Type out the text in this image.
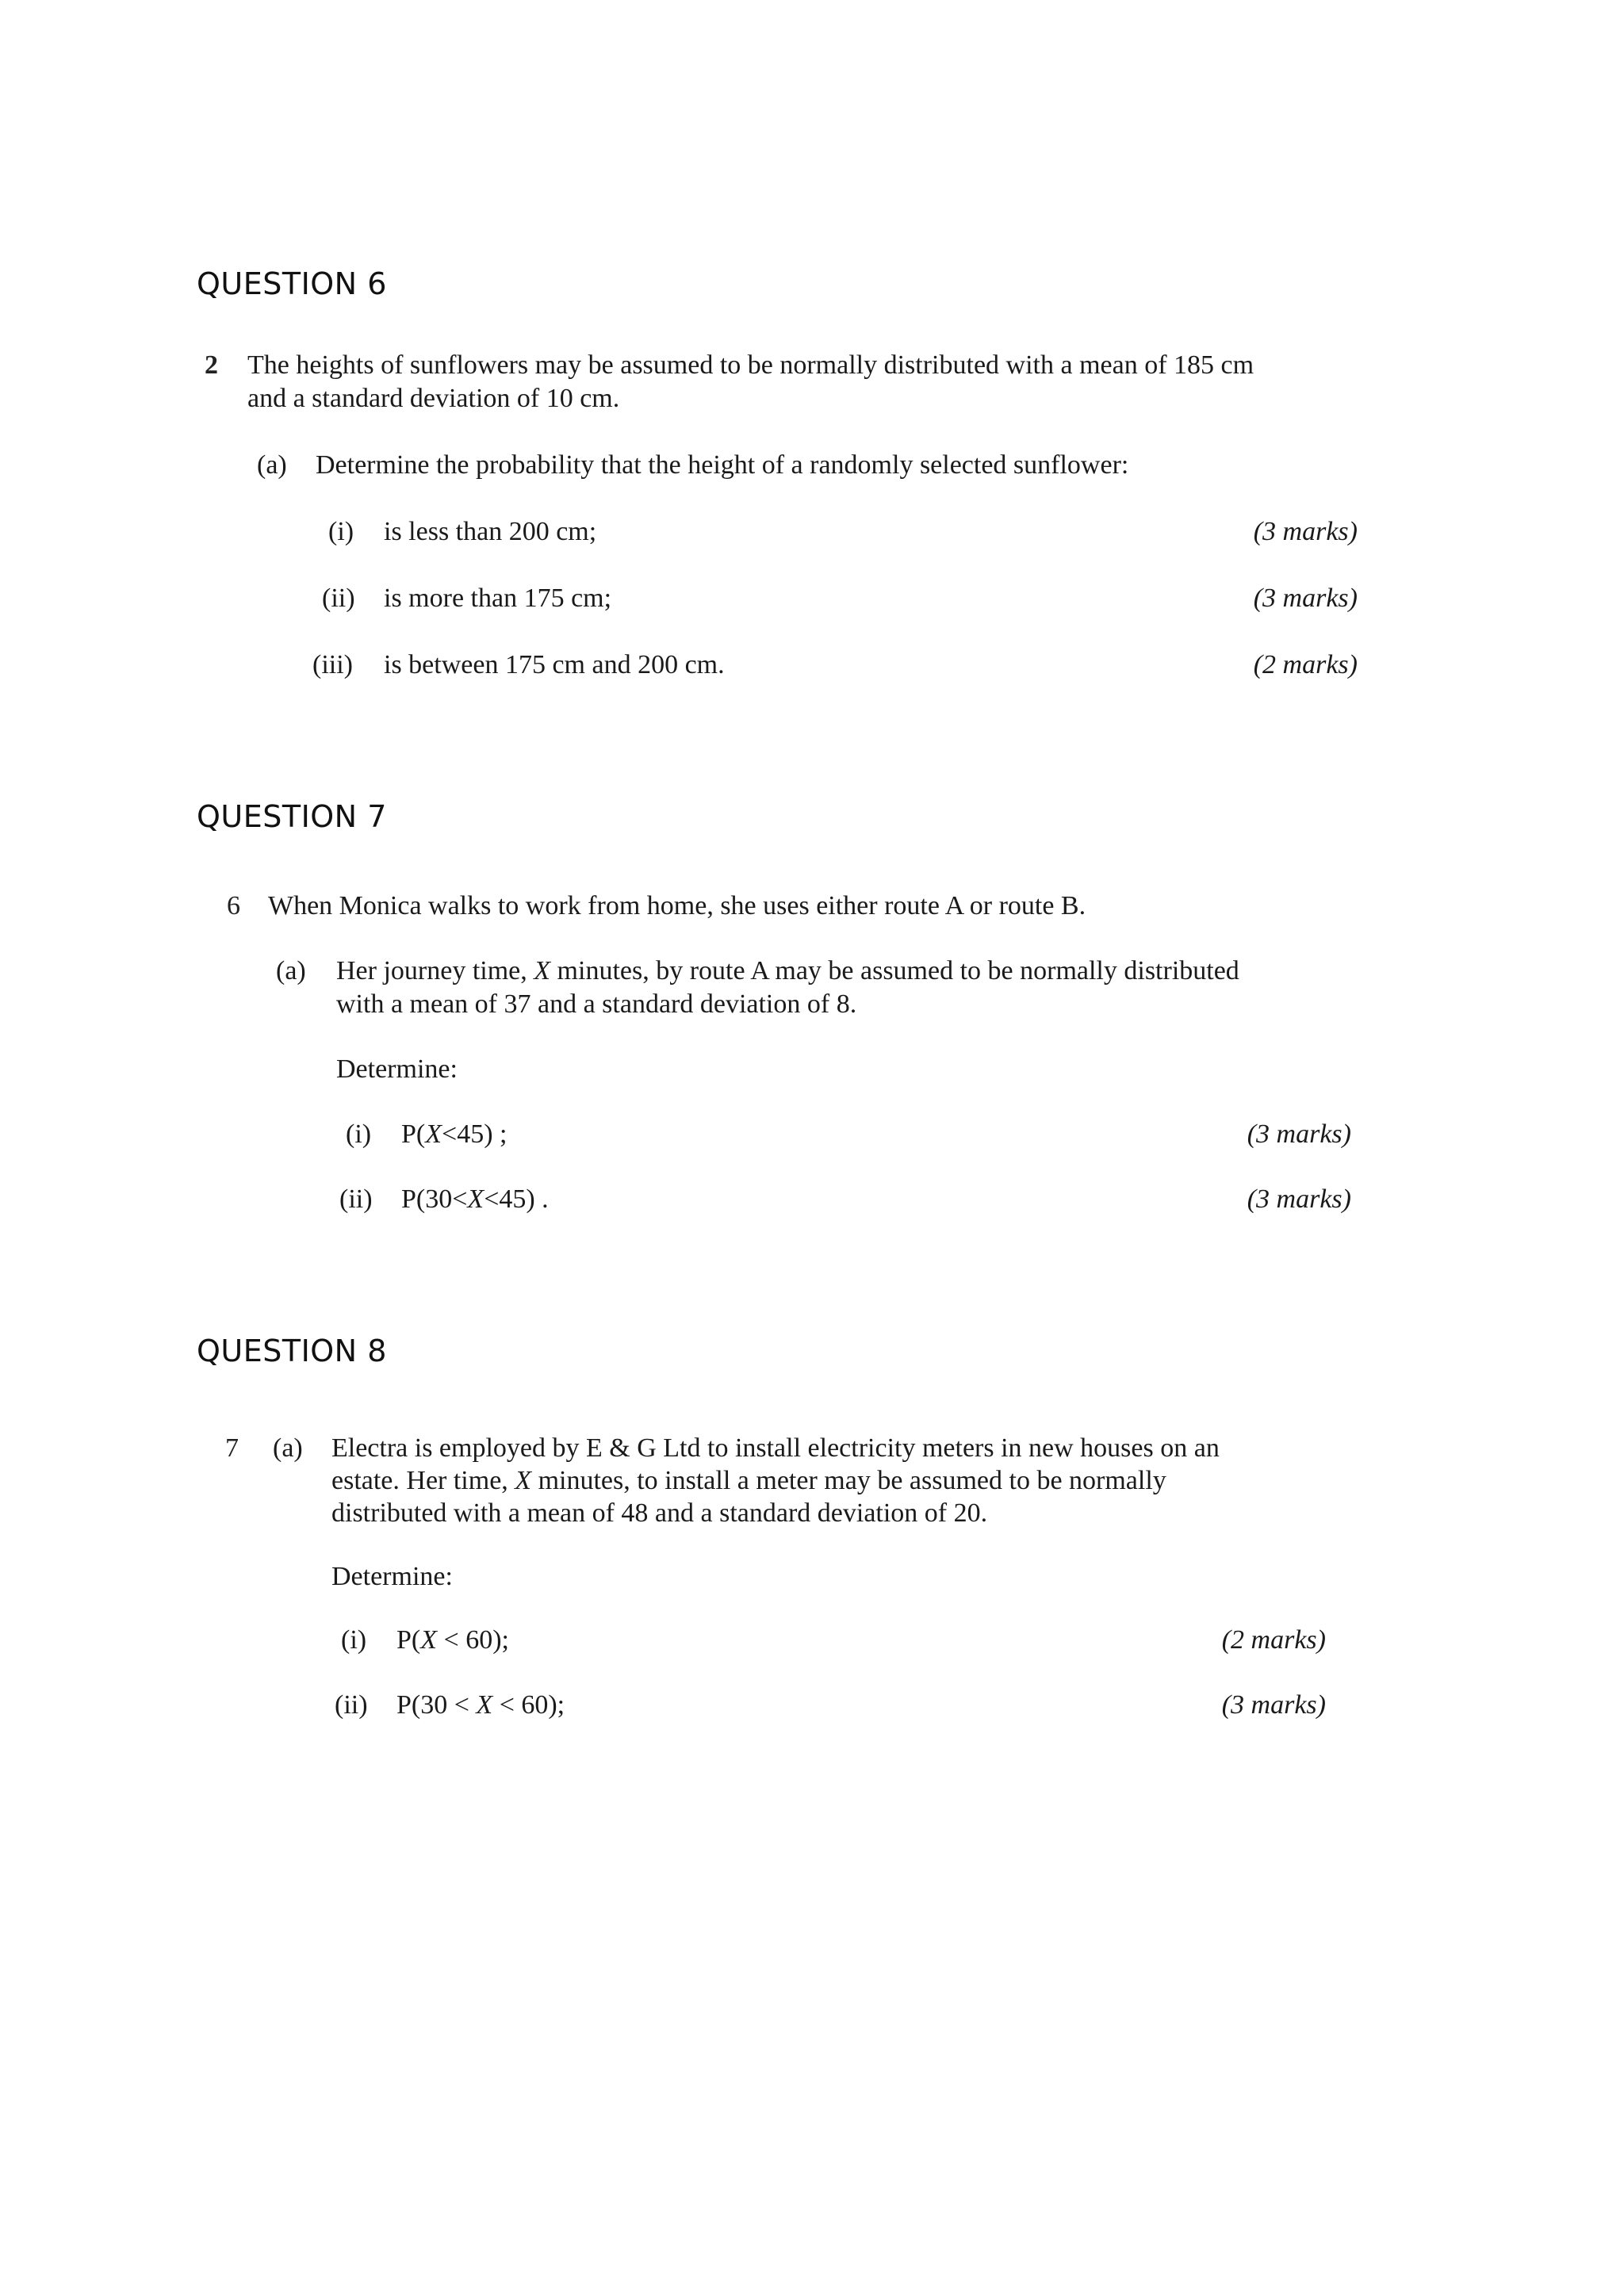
QUESTION 6
2 The heights of sunflowers may be assumed to be normally distributed with a mean of 185 cm
and a standard deviation of 10 cm.
(a) Determine the probability that the height of a randomly selected sunflower:
(i) is less than 200 cm;	(3 marks)
(ii) is more than 175 cm;	(3 marks)
(iii) is between 175 cm and 200 cm.	(2 marks)
QUESTION 7
6 When Monica walks to work from home, she uses either route A or route B.
(a) Her journey time, X minutes, by route A may be assumed to be normally distributed
with a mean of 37 and a standard deviation of 8.
Determine:
(i) P(X<45) ;	(3 marks)
(ii) P(30<X<45) .	(3 marks)
QUESTION 8
7 (a) Electra is employed by E & G Ltd to install electricity meters in new houses on an
estate. Her time, X minutes, to install a meter may be assumed to be normally
distributed with a mean of 48 and a standard deviation of 20.
Determine:
(i) P(X < 60);	(2 marks)
(ii) P(30 < X < 60);	(3 marks)
